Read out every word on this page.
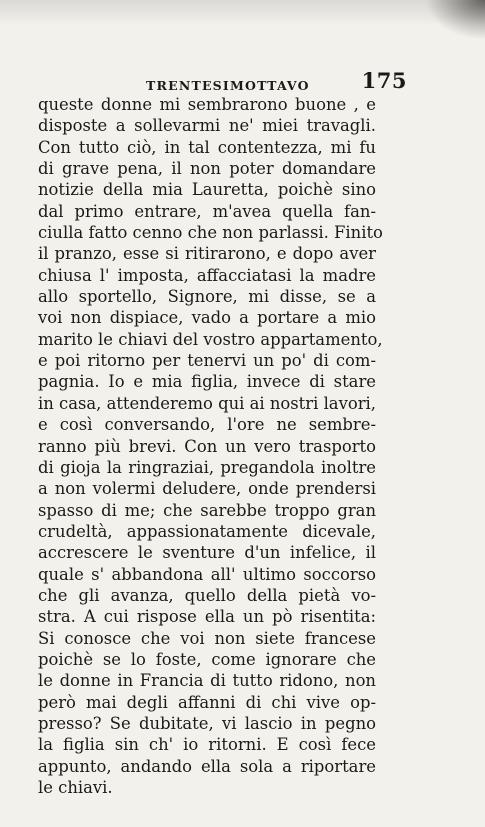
TRENTESIMOTTAVO 175
queste donne mi sembrarono buone , e
disposte a sollevarmi ne' miei travagli.
Con tutto ciò, in tal contentezza, mi fu
di grave pena, il non poter domandare
notizie della mia Lauretta, poichè sino
dal primo entrare, m'avea quella fan-
ciulla fatto cenno che non parlassi. Finito
il pranzo, esse si ritirarono, e dopo aver
chiusa l' imposta, affacciatasi la madre
allo sportello, Signore, mi disse, se a
voi non dispiace, vado a portare a mio
marito le chiavi del vostro appartamento,
e poi ritorno per tenervi un po' di com-
pagnia. Io e mia figlia, invece di stare
in casa, attenderemo qui ai nostri lavori,
e così conversando, l'ore ne sembre-
ranno più brevi. Con un vero trasporto
di gioja la ringraziai, pregandola inoltre
a non volermi deludere, onde prendersi
spasso di me; che sarebbe troppo gran
crudeltà, appassionatamente dicevale,
accrescere le sventure d'un infelice, il
quale s' abbandona all' ultimo soccorso
che gli avanza, quello della pietà vo-
stra. A cui rispose ella un pò risentita:
Si conosce che voi non siete francese
poichè se lo foste, come ignorare che
le donne in Francia di tutto ridono, non
però mai degli affanni di chi vive op-
presso? Se dubitate, vi lascio in pegno
la figlia sin ch' io ritorni. E così fece
appunto, andando ella sola a riportare
le chiavi.
